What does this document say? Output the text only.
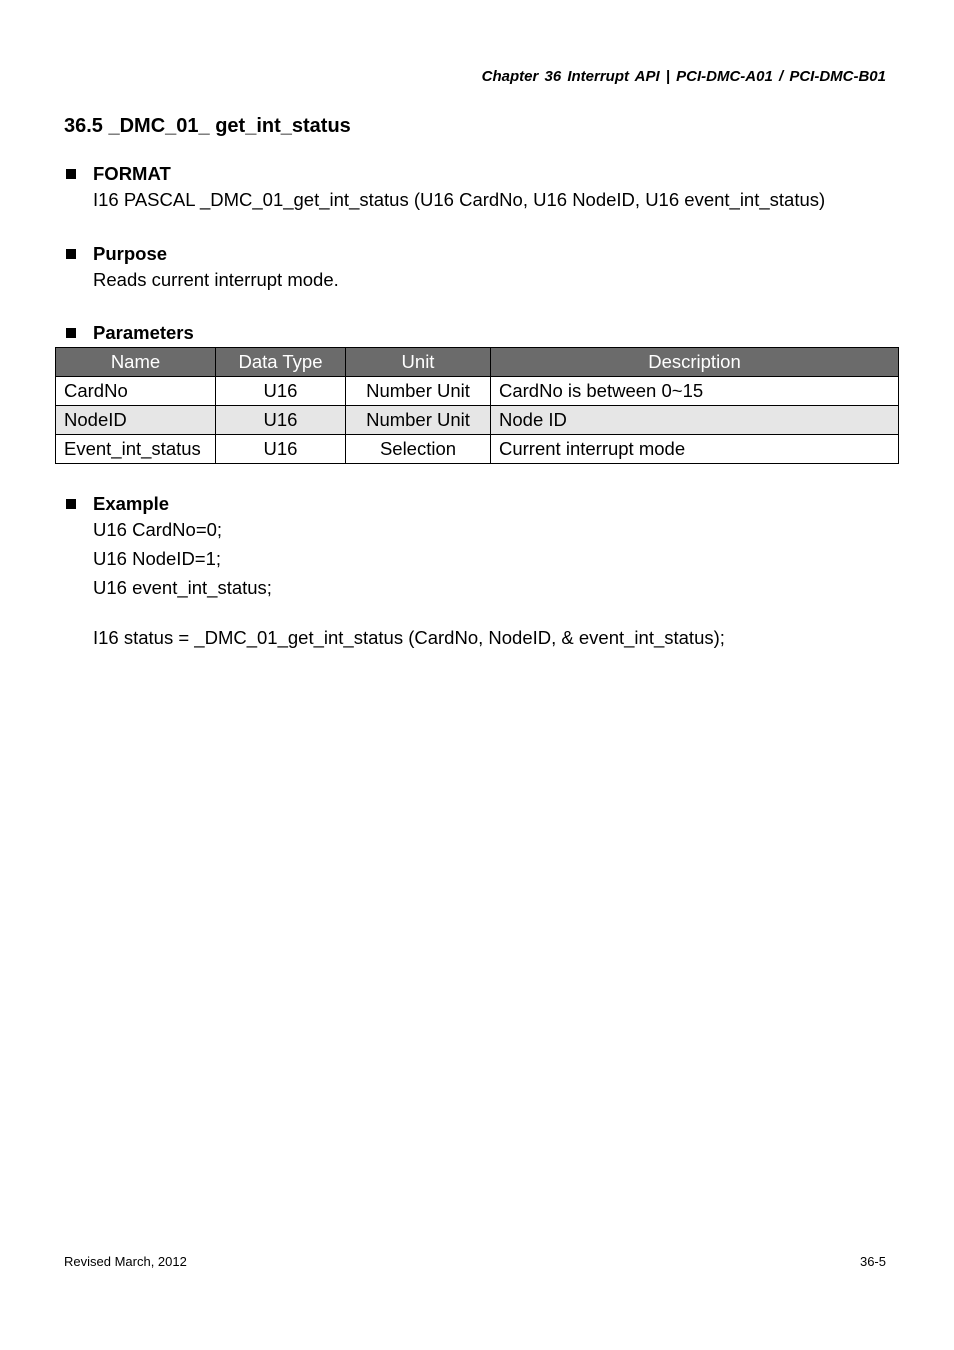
Chapter 36 Interrupt API | PCI-DMC-A01 / PCI-DMC-B01
36.5 _DMC_01_ get_int_status
FORMAT
I16 PASCAL _DMC_01_get_int_status (U16 CardNo, U16 NodeID, U16 event_int_status)
Purpose
Reads current interrupt mode.
Parameters
Name	Data Type	Unit	Description
CardNo	U16	Number Unit	CardNo is between 0~15
NodeID	U16	Number Unit	Node ID
Event_int_status	U16	Selection	Current interrupt mode
Example
U16 CardNo=0;
U16 NodeID=1;
U16 event_int_status;
I16 status = _DMC_01_get_int_status (CardNo, NodeID, & event_int_status);
Revised March, 2012	36-5
